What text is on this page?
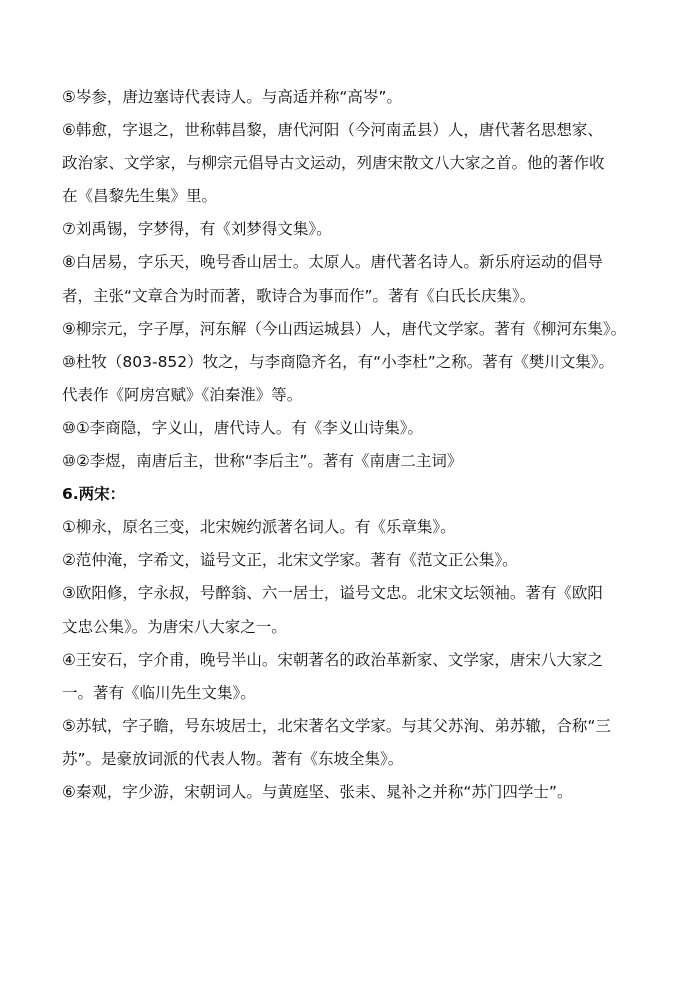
⑤岑参，唐边塞诗代表诗人。与高适并称“高岑”。
⑥韩愈，字退之，世称韩昌黎，唐代河阳（今河南孟县）人，唐代著名思想家、
政治家、文学家，与柳宗元倡导古文运动，列唐宋散文八大家之首。他的著作收
在《昌黎先生集》里。
⑦刘禹锡，字梦得，有《刘梦得文集》。
⑧白居易，字乐天，晚号香山居士。太原人。唐代著名诗人。新乐府运动的倡导
者，主张“文章合为时而著，歌诗合为事而作”。著有《白氏长庆集》。
⑨柳宗元，字子厚，河东解（今山西运城县）人，唐代文学家。著有《柳河东集》。
⑩杜牧（803-852）牧之，与李商隐齐名，有“小李杜”之称。著有《樊川文集》。
代表作《阿房宫赋》《泊秦淮》等。
⑩①李商隐，字义山，唐代诗人。有《李义山诗集》。
⑩②李煜，南唐后主，世称“李后主”。著有《南唐二主词》
6.两宋：
①柳永，原名三变，北宋婉约派著名词人。有《乐章集》。
②范仲淹，字希文，谥号文正，北宋文学家。著有《范文正公集》。
③欧阳修，字永叔，号醉翁、六一居士，谥号文忠。北宋文坛领袖。著有《欧阳
文忠公集》。为唐宋八大家之一。
④王安石，字介甫，晚号半山。宋朝著名的政治革新家、文学家，唐宋八大家之
一。著有《临川先生文集》。
⑤苏轼，字子瞻，号东坡居士，北宋著名文学家。与其父苏洵、弟苏辙，合称“三
苏”。是豪放词派的代表人物。著有《东坡全集》。
⑥秦观，字少游，宋朝词人。与黄庭坚、张耒、晁补之并称“苏门四学士”。
